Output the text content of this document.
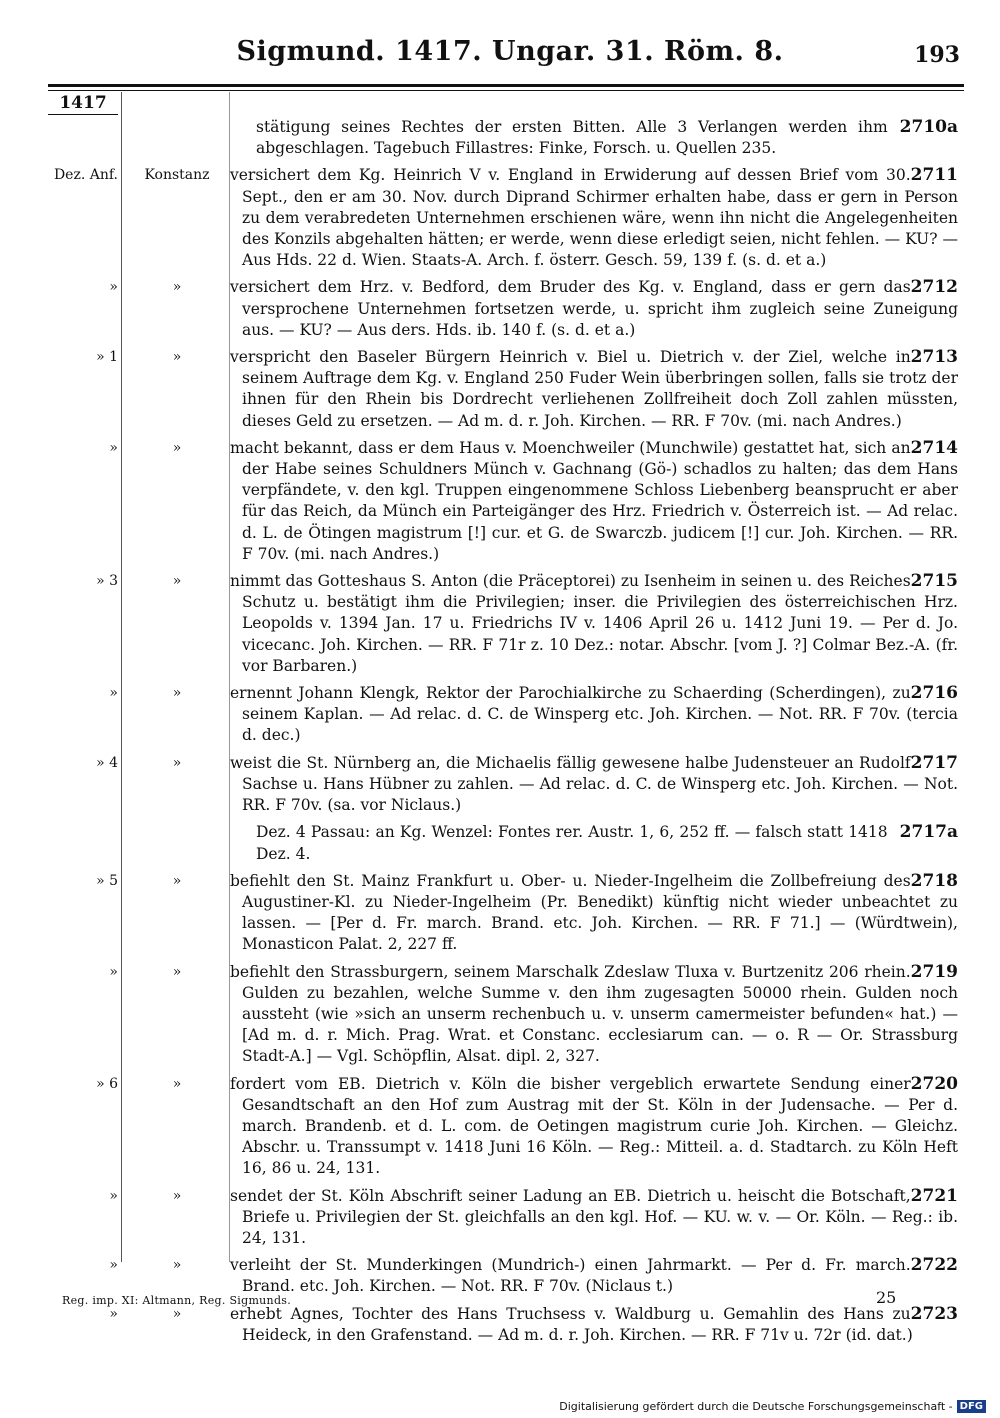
Sigmund. 1417. Ungar. 31. Röm. 8.	193
1417
2710a
stätigung seines Rechtes der ersten Bitten. Alle 3 Verlangen werden ihm abgeschlagen. Tagebuch Fillastres: Finke, Forsch. u. Quellen 235.
Dez. Anf.	Konstanz	2711
versichert dem Kg. Heinrich V v. England in Erwiderung auf dessen Brief vom 30. Sept., den er am 30. Nov. durch Diprand Schirmer erhalten habe, dass er gern in Person zu dem verabredeten Unternehmen erschienen wäre, wenn ihn nicht die Angelegenheiten des Konzils abgehalten hätten; er werde, wenn diese erledigt seien, nicht fehlen. — KU? — Aus Hds. 22 d. Wien. Staats-A. Arch. f. österr. Gesch. 59, 139 f. (s. d. et a.)
»	»	2712
versichert dem Hrz. v. Bedford, dem Bruder des Kg. v. England, dass er gern das versprochene Unternehmen fortsetzen werde, u. spricht ihm zugleich seine Zuneigung aus. — KU? — Aus ders. Hds. ib. 140 f. (s. d. et a.)
» 1	»	2713
verspricht den Baseler Bürgern Heinrich v. Biel u. Dietrich v. der Ziel, welche in seinem Auftrage dem Kg. v. England 250 Fuder Wein überbringen sollen, falls sie trotz der ihnen für den Rhein bis Dordrecht verliehenen Zollfreiheit doch Zoll zahlen müssten, dieses Geld zu ersetzen. — Ad m. d. r. Joh. Kirchen. — RR. F 70v. (mi. nach Andres.)
»	»	2714
macht bekannt, dass er dem Haus v. Moenchweiler (Munchwile) gestattet hat, sich an der Habe seines Schuldners Münch v. Gachnang (Gö-) schadlos zu halten; das dem Hans verpfändete, v. den kgl. Truppen eingenommene Schloss Liebenberg beansprucht er aber für das Reich, da Münch ein Parteigänger des Hrz. Friedrich v. Österreich ist. — Ad relac. d. L. de Ötingen magistrum [!] cur. et G. de Swarczb. judicem [!] cur. Joh. Kirchen. — RR. F 70v. (mi. nach Andres.)
» 3	»	2715
nimmt das Gotteshaus S. Anton (die Präceptorei) zu Isenheim in seinen u. des Reiches Schutz u. bestätigt ihm die Privilegien; inser. die Privilegien des österreichischen Hrz. Leopolds v. 1394 Jan. 17 u. Friedrichs IV v. 1406 April 26 u. 1412 Juni 19. — Per d. Jo. vicecanc. Joh. Kirchen. — RR. F 71r z. 10 Dez.: notar. Abschr. [vom J. ?] Colmar Bez.-A. (fr. vor Barbaren.)
»	»	2716
ernennt Johann Klengk, Rektor der Parochialkirche zu Schaerding (Scherdingen), zu seinem Kaplan. — Ad relac. d. C. de Winsperg etc. Joh. Kirchen. — Not. RR. F 70v. (tercia d. dec.)
» 4	»	2717
weist die St. Nürnberg an, die Michaelis fällig gewesene halbe Judensteuer an Rudolf Sachse u. Hans Hübner zu zahlen. — Ad relac. d. C. de Winsperg etc. Joh. Kirchen. — Not. RR. F 70v. (sa. vor Niclaus.)
2717a
Dez. 4 Passau: an Kg. Wenzel: Fontes rer. Austr. 1, 6, 252 ff. — falsch statt 1418 Dez. 4.
» 5	»	2718
befiehlt den St. Mainz Frankfurt u. Ober- u. Nieder-Ingelheim die Zollbefreiung des Augustiner-Kl. zu Nieder-Ingelheim (Pr. Benedikt) künftig nicht wieder unbeachtet zu lassen. — [Per d. Fr. march. Brand. etc. Joh. Kirchen. — RR. F 71.] — (Würdtwein), Monasticon Palat. 2, 227 ff.
»	»	2719
befiehlt den Strassburgern, seinem Marschalk Zdeslaw Tluxa v. Burtzenitz 206 rhein. Gulden zu bezahlen, welche Summe v. den ihm zugesagten 50000 rhein. Gulden noch aussteht (wie »sich an unserm rechenbuch u. v. unserm camermeister befunden« hat.) — [Ad m. d. r. Mich. Prag. Wrat. et Constanc. ecclesiarum can. — o. R — Or. Strassburg Stadt-A.] — Vgl. Schöpflin, Alsat. dipl. 2, 327.
» 6	»	2720
fordert vom EB. Dietrich v. Köln die bisher vergeblich erwartete Sendung einer Gesandtschaft an den Hof zum Austrag mit der St. Köln in der Judensache. — Per d. march. Brandenb. et d. L. com. de Oetingen magistrum curie Joh. Kirchen. — Gleichz. Abschr. u. Transsumpt v. 1418 Juni 16 Köln. — Reg.: Mitteil. a. d. Stadtarch. zu Köln Heft 16, 86 u. 24, 131.
»	»	2721
sendet der St. Köln Abschrift seiner Ladung an EB. Dietrich u. heischt die Botschaft, Briefe u. Privilegien der St. gleichfalls an den kgl. Hof. — KU. w. v. — Or. Köln. — Reg.: ib. 24, 131.
»	»	2722
verleiht der St. Munderkingen (Mundrich-) einen Jahrmarkt. — Per d. Fr. march. Brand. etc. Joh. Kirchen. — Not. RR. F 70v. (Niclaus t.)
»	»	2723
erhebt Agnes, Tochter des Hans Truchsess v. Waldburg u. Gemahlin des Hans zu Heideck, in den Grafenstand. — Ad m. d. r. Joh. Kirchen. — RR. F 71v u. 72r (id. dat.)
Reg. imp. XI: Altmann, Reg. Sigmunds.	25
Digitalisierung gefördert durch die Deutsche Forschungsgemeinschaft - DFG
